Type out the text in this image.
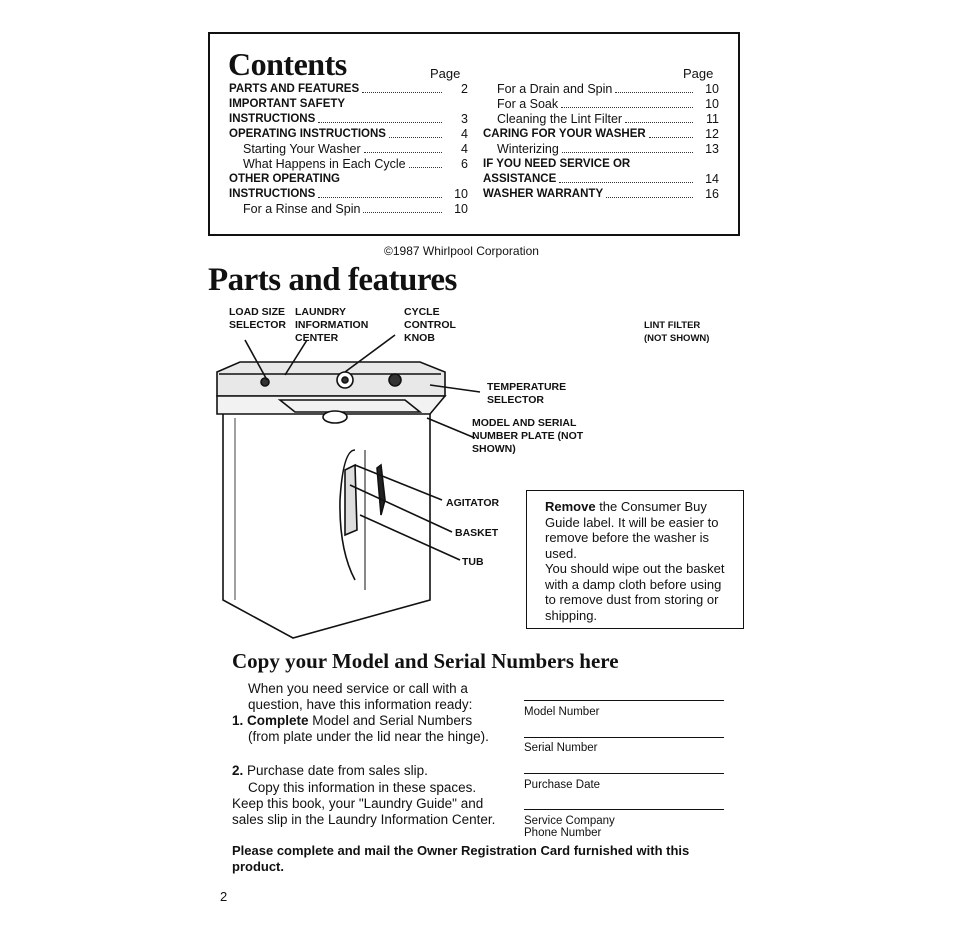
Contents	Page	Page
PARTS AND FEATURES	2
IMPORTANT SAFETY
INSTRUCTIONS	3
OPERATING INSTRUCTIONS	4
Starting Your Washer	4
What Happens in Each Cycle	6
OTHER OPERATING
INSTRUCTIONS	10
For a Rinse and Spin	10
For a Drain and Spin	10
For a Soak	10
Cleaning the Lint Filter	11
CARING FOR YOUR WASHER	12
Winterizing	13
IF YOU NEED SERVICE OR
ASSISTANCE	14
WASHER WARRANTY	16
©1987 Whirlpool Corporation
Parts and features
LOAD SIZE SELECTOR
LAUNDRY INFORMATION CENTER
CYCLE CONTROL KNOB
LINT FILTER (NOT SHOWN)
TEMPERATURE SELECTOR
MODEL AND SERIAL NUMBER PLATE (NOT SHOWN)
AGITATOR
BASKET
TUB
Remove the Consumer Buy Guide label. It will be easier to remove before the washer is used.
You should wipe out the basket with a damp cloth before using to remove dust from storing or shipping.
Copy your Model and Serial Numbers here
When you need service or call with a question, have this information ready:
1. Complete Model and Serial Numbers (from plate under the lid near the hinge).
2. Purchase date from sales slip.
Copy this information in these spaces. Keep this book, your "Laundry Guide" and sales slip in the Laundry Information Center.
Model Number
Serial Number
Purchase Date
Service Company Phone Number
Please complete and mail the Owner Registration Card furnished with this product.
2
